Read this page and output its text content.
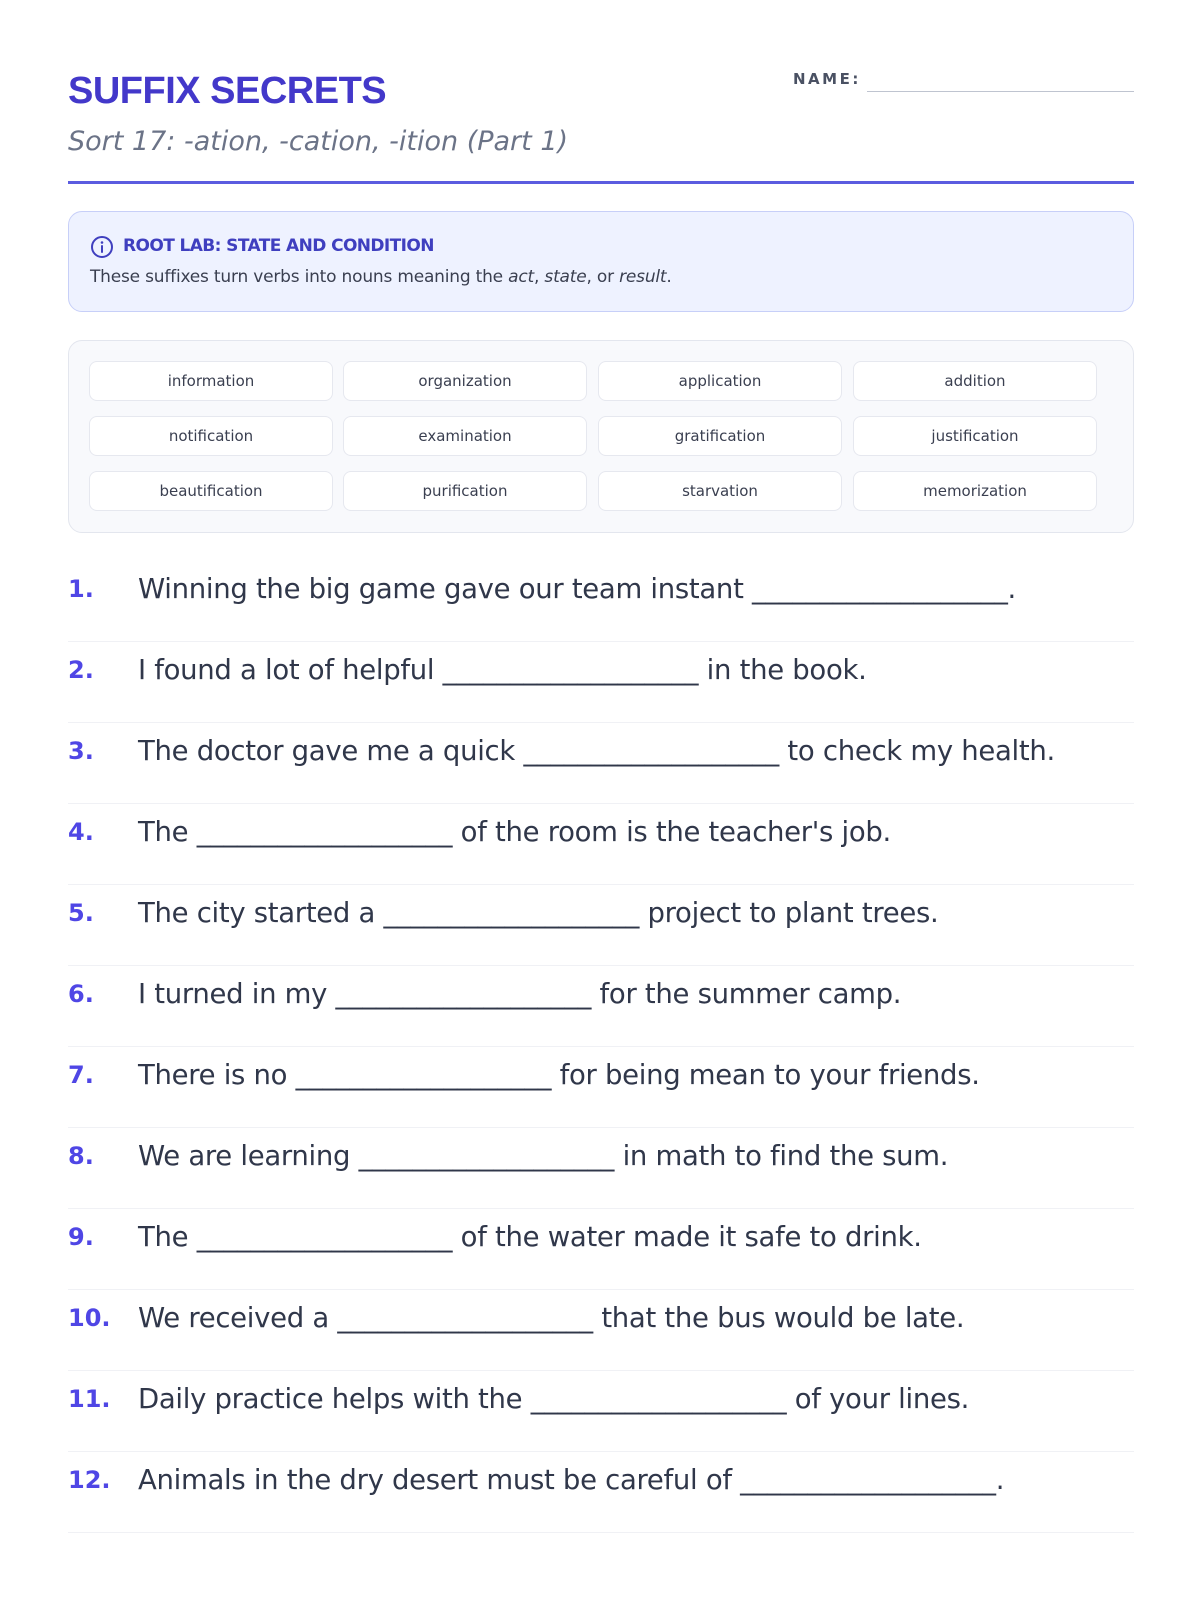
SUFFIX SECRETS
Sort 17: -ation, -cation, -ition (Part 1)
NAME:
ROOT LAB: STATE AND CONDITION
These suffixes turn verbs into nouns meaning the act, state, or result.
information	organization	application	addition
notification	examination	gratification	justification
beautification	purification	starvation	memorization
1.	Winning the big game gave our team instant ___________________.
2.	I found a lot of helpful ___________________ in the book.
3.	The doctor gave me a quick ___________________ to check my health.
4.	The ___________________ of the room is the teacher's job.
5.	The city started a ___________________ project to plant trees.
6.	I turned in my ___________________ for the summer camp.
7.	There is no ___________________ for being mean to your friends.
8.	We are learning ___________________ in math to find the sum.
9.	The ___________________ of the water made it safe to drink.
10. We received a ___________________ that the bus would be late.
11. Daily practice helps with the ___________________ of your lines.
12. Animals in the dry desert must be careful of ___________________.
